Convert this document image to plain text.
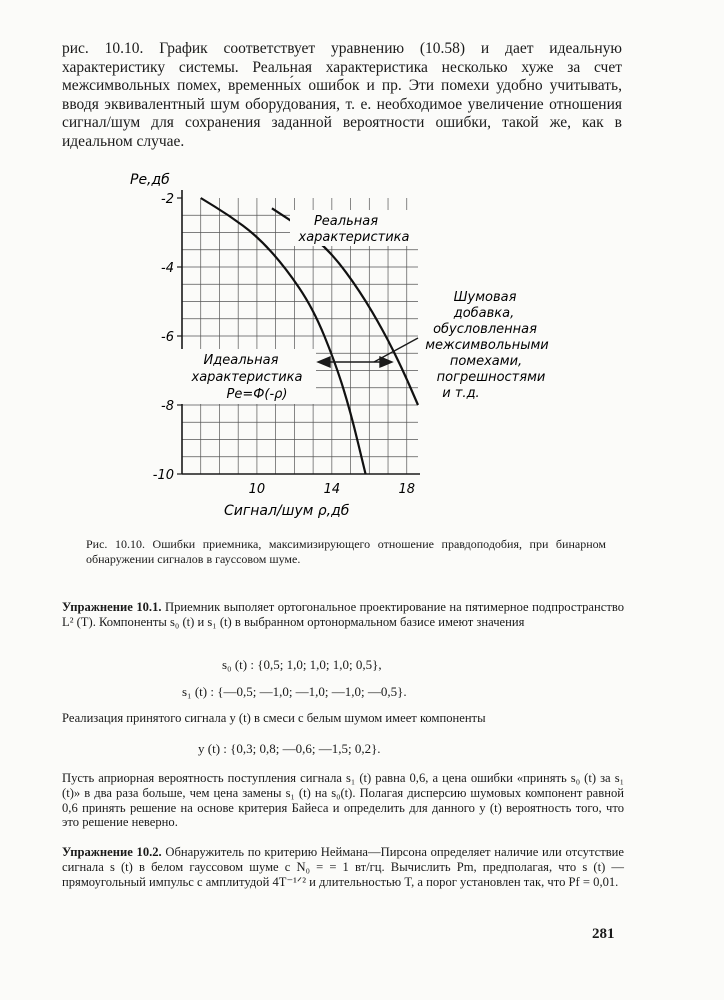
рис. 10.10. График соответствует уравнению (10.58) и дает идеальную характеристику системы. Реальная характеристика несколько хуже за счет межсимвольных помех, временны́х ошибок и пр. Эти помехи удобно учитывать, вводя эквивалентный шум оборудования, т. е. необходимое увеличение отношения сигнал/шум для сохранения заданной вероятности ошибки, такой же, как в идеальном случае.

-2
-4
-6
-8
-10
10	14	18
Pe,дб
Сигнал/шум ρ,дб
Реальная
характеристика
Идеальная
характеристика
Pe=Ф(-ρ)
Шумовая
добавка,
обусловленная
межсимвольными
помехами,
погрешностями
и т.д.

Рис. 10.10. Ошибки приемника, максимизирующего отношение правдоподобия, при бинарном обнаружении сигналов в гауссовом шуме.

Упражнение 10.1. Приемник выполяет ортогональное проектирование на пятимерное подпространство L² (T). Компоненты s₀ (t) и s₁ (t) в выбранном ортонормальном базисе имеют значения

s₀ (t) : {0,5; 1,0; 1,0; 1,0; 0,5},

s₁ (t) : {—0,5; —1,0; —1,0; —1,0; —0,5}.

Реализация принятого сигнала y (t) в смеси с белым шумом имеет компоненты

y (t) : {0,3; 0,8; —0,6; —1,5; 0,2}.

Пусть априорная вероятность поступления сигнала s₁ (t) равна 0,6, а цена ошибки «принять s₀ (t) за s₁ (t)» в два раза больше, чем цена замены s₁ (t) на s₀(t). Полагая дисперсию шумовых компонент равной 0,6 принять решение на основе критерия Байеса и определить для данного y (t) вероятность того, что это решение неверно.

Упражнение 10.2. Обнаружитель по критерию Неймана—Пирсона определяет наличие или отсутствие сигнала s (t) в белом гауссовом шуме с N₀ = = 1 вт/гц. Вычислить Pm, предполагая, что s (t) — прямоугольный импульс с амплитудой 4T⁻¹ᐟ² и длительностью T, а порог установлен так, что Pf = 0,01.

281
